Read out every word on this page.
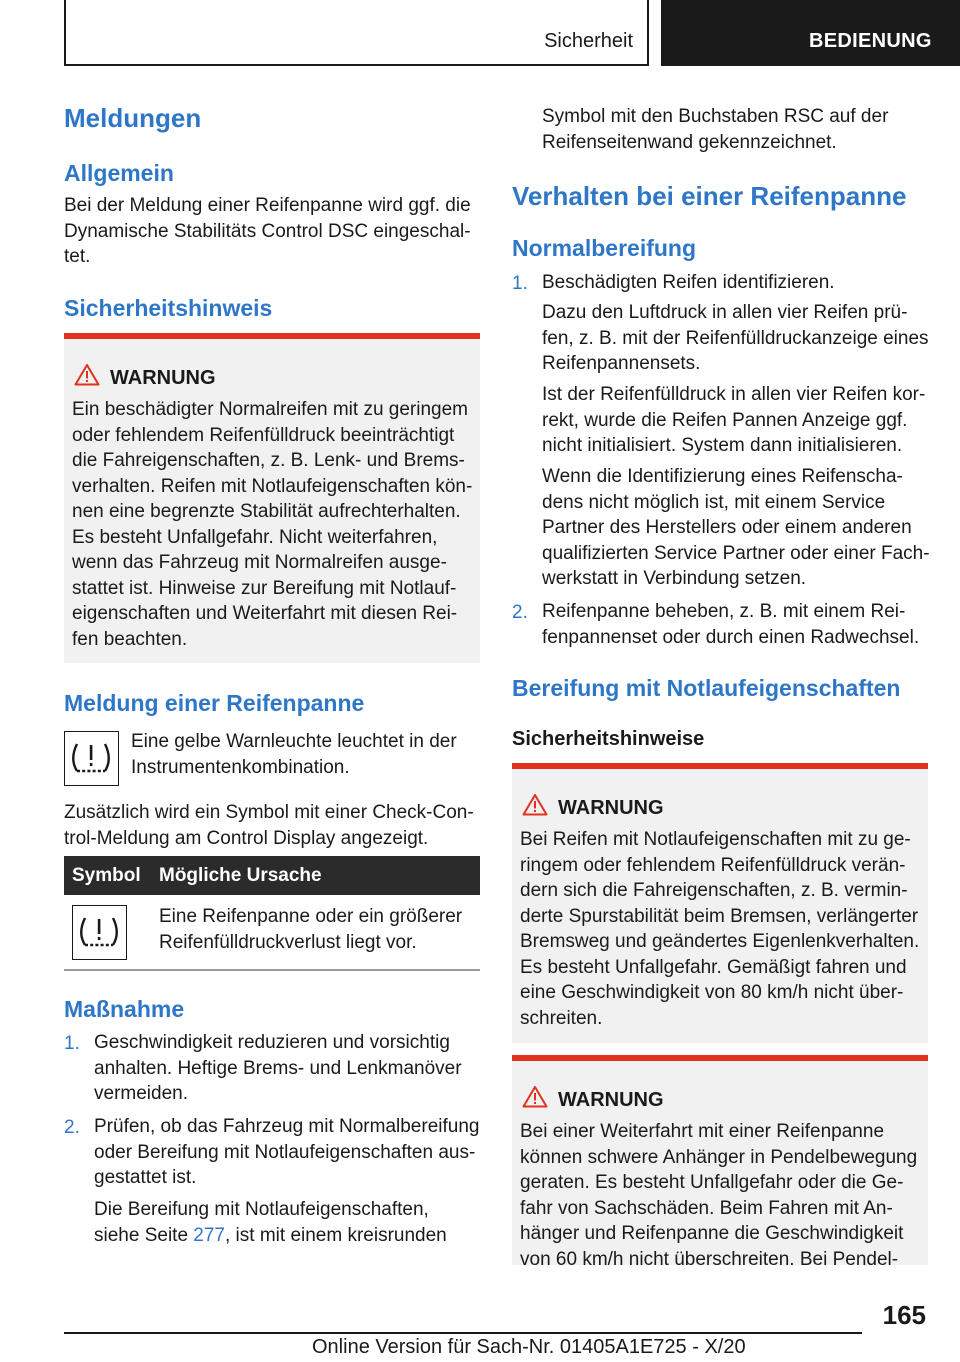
Sicherheit	BEDIENUNG
Meldungen
Allgemein
Bei der Meldung einer Reifenpanne wird ggf. die
Dynamische Stabilitäts Control DSC eingeschal‐
tet.
Sicherheitshinweis
WARNUNG
Ein beschädigter Normalreifen mit zu geringem
oder fehlendem Reifenfülldruck beeinträchtigt
die Fahreigenschaften, z. B. Lenk- und Brems‐
verhalten. Reifen mit Notlaufeigenschaften kön‐
nen eine begrenzte Stabilität aufrechterhalten.
Es besteht Unfallgefahr. Nicht weiterfahren,
wenn das Fahrzeug mit Normalreifen ausge‐
stattet ist. Hinweise zur Bereifung mit Notlauf‐
eigenschaften und Weiterfahrt mit diesen Rei‐
fen beachten.
Meldung einer Reifenpanne
Eine gelbe Warnleuchte leuchtet in der
Instrumentenkombination.
Zusätzlich wird ein Symbol mit einer Check-Con‐
trol-Meldung am Control Display angezeigt.
Symbol Mögliche Ursache
Eine Reifenpanne oder ein größerer
Reifenfülldruckverlust liegt vor.
Maßnahme
1. Geschwindigkeit reduzieren und vorsichtig
anhalten. Heftige Brems- und Lenkmanöver
vermeiden.
2. Prüfen, ob das Fahrzeug mit Normalbereifung
oder Bereifung mit Notlaufeigenschaften aus‐
gestattet ist.
Die Bereifung mit Notlaufeigenschaften,
siehe Seite 277, ist mit einem kreisrunden
Symbol mit den Buchstaben RSC auf der
Reifenseitenwand gekennzeichnet.
Verhalten bei einer Reifenpanne
Normalbereifung
1. Beschädigten Reifen identifizieren.
Dazu den Luftdruck in allen vier Reifen prü‐
fen, z. B. mit der Reifenfülldruckanzeige eines
Reifenpannensets.
Ist der Reifenfülldruck in allen vier Reifen kor‐
rekt, wurde die Reifen Pannen Anzeige ggf.
nicht initialisiert. System dann initialisieren.
Wenn die Identifizierung eines Reifenscha‐
dens nicht möglich ist, mit einem Service
Partner des Herstellers oder einem anderen
qualifizierten Service Partner oder einer Fach‐
werkstatt in Verbindung setzen.
2. Reifenpanne beheben, z. B. mit einem Rei‐
fenpannenset oder durch einen Radwechsel.
Bereifung mit Notlaufeigenschaften
Sicherheitshinweise
WARNUNG
Bei Reifen mit Notlaufeigenschaften mit zu ge‐
ringem oder fehlendem Reifenfülldruck verän‐
dern sich die Fahreigenschaften, z. B. vermin‐
derte Spurstabilität beim Bremsen, verlängerter
Bremsweg und geändertes Eigenlenkverhalten.
Es besteht Unfallgefahr. Gemäßigt fahren und
eine Geschwindigkeit von 80 km/h nicht über‐
schreiten.
WARNUNG
Bei einer Weiterfahrt mit einer Reifenpanne
können schwere Anhänger in Pendelbewegung
geraten. Es besteht Unfallgefahr oder die Ge‐
fahr von Sachschäden. Beim Fahren mit An‐
hänger und Reifenpanne die Geschwindigkeit
von 60 km/h nicht überschreiten. Bei Pendel‐
165
Online Version für Sach-Nr. 01405A1E725 - X/20
